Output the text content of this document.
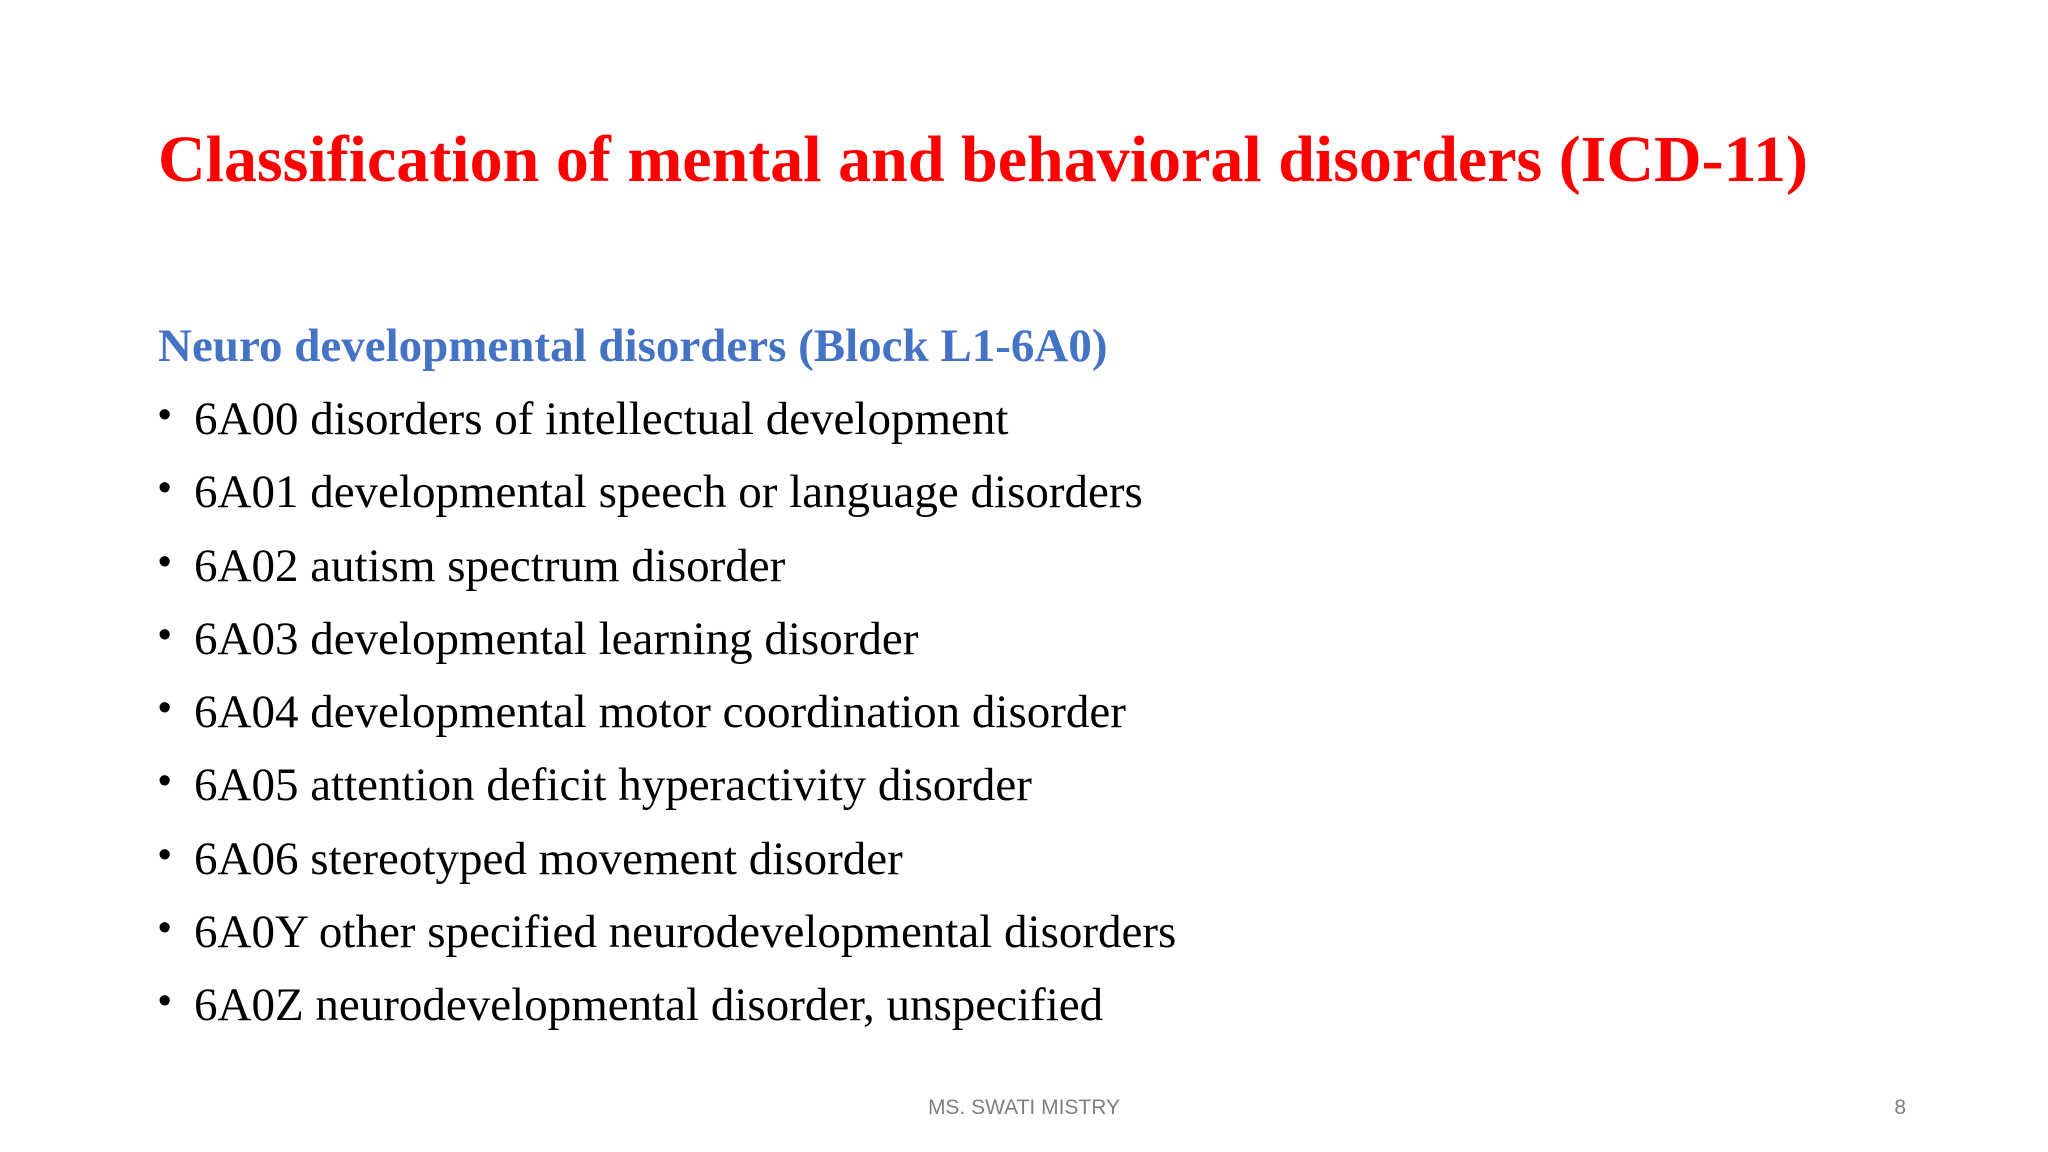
Classification of mental and behavioral disorders (ICD-11)

Neuro developmental disorders (Block L1-6A0)

• 6A00 disorders of intellectual development
• 6A01 developmental speech or language disorders
• 6A02 autism spectrum disorder
• 6A03 developmental learning disorder
• 6A04 developmental motor coordination disorder
• 6A05 attention deficit hyperactivity disorder
• 6A06 stereotyped movement disorder
• 6A0Y other specified neurodevelopmental disorders
• 6A0Z neurodevelopmental disorder, unspecified
MS. SWATI MISTRY	8
